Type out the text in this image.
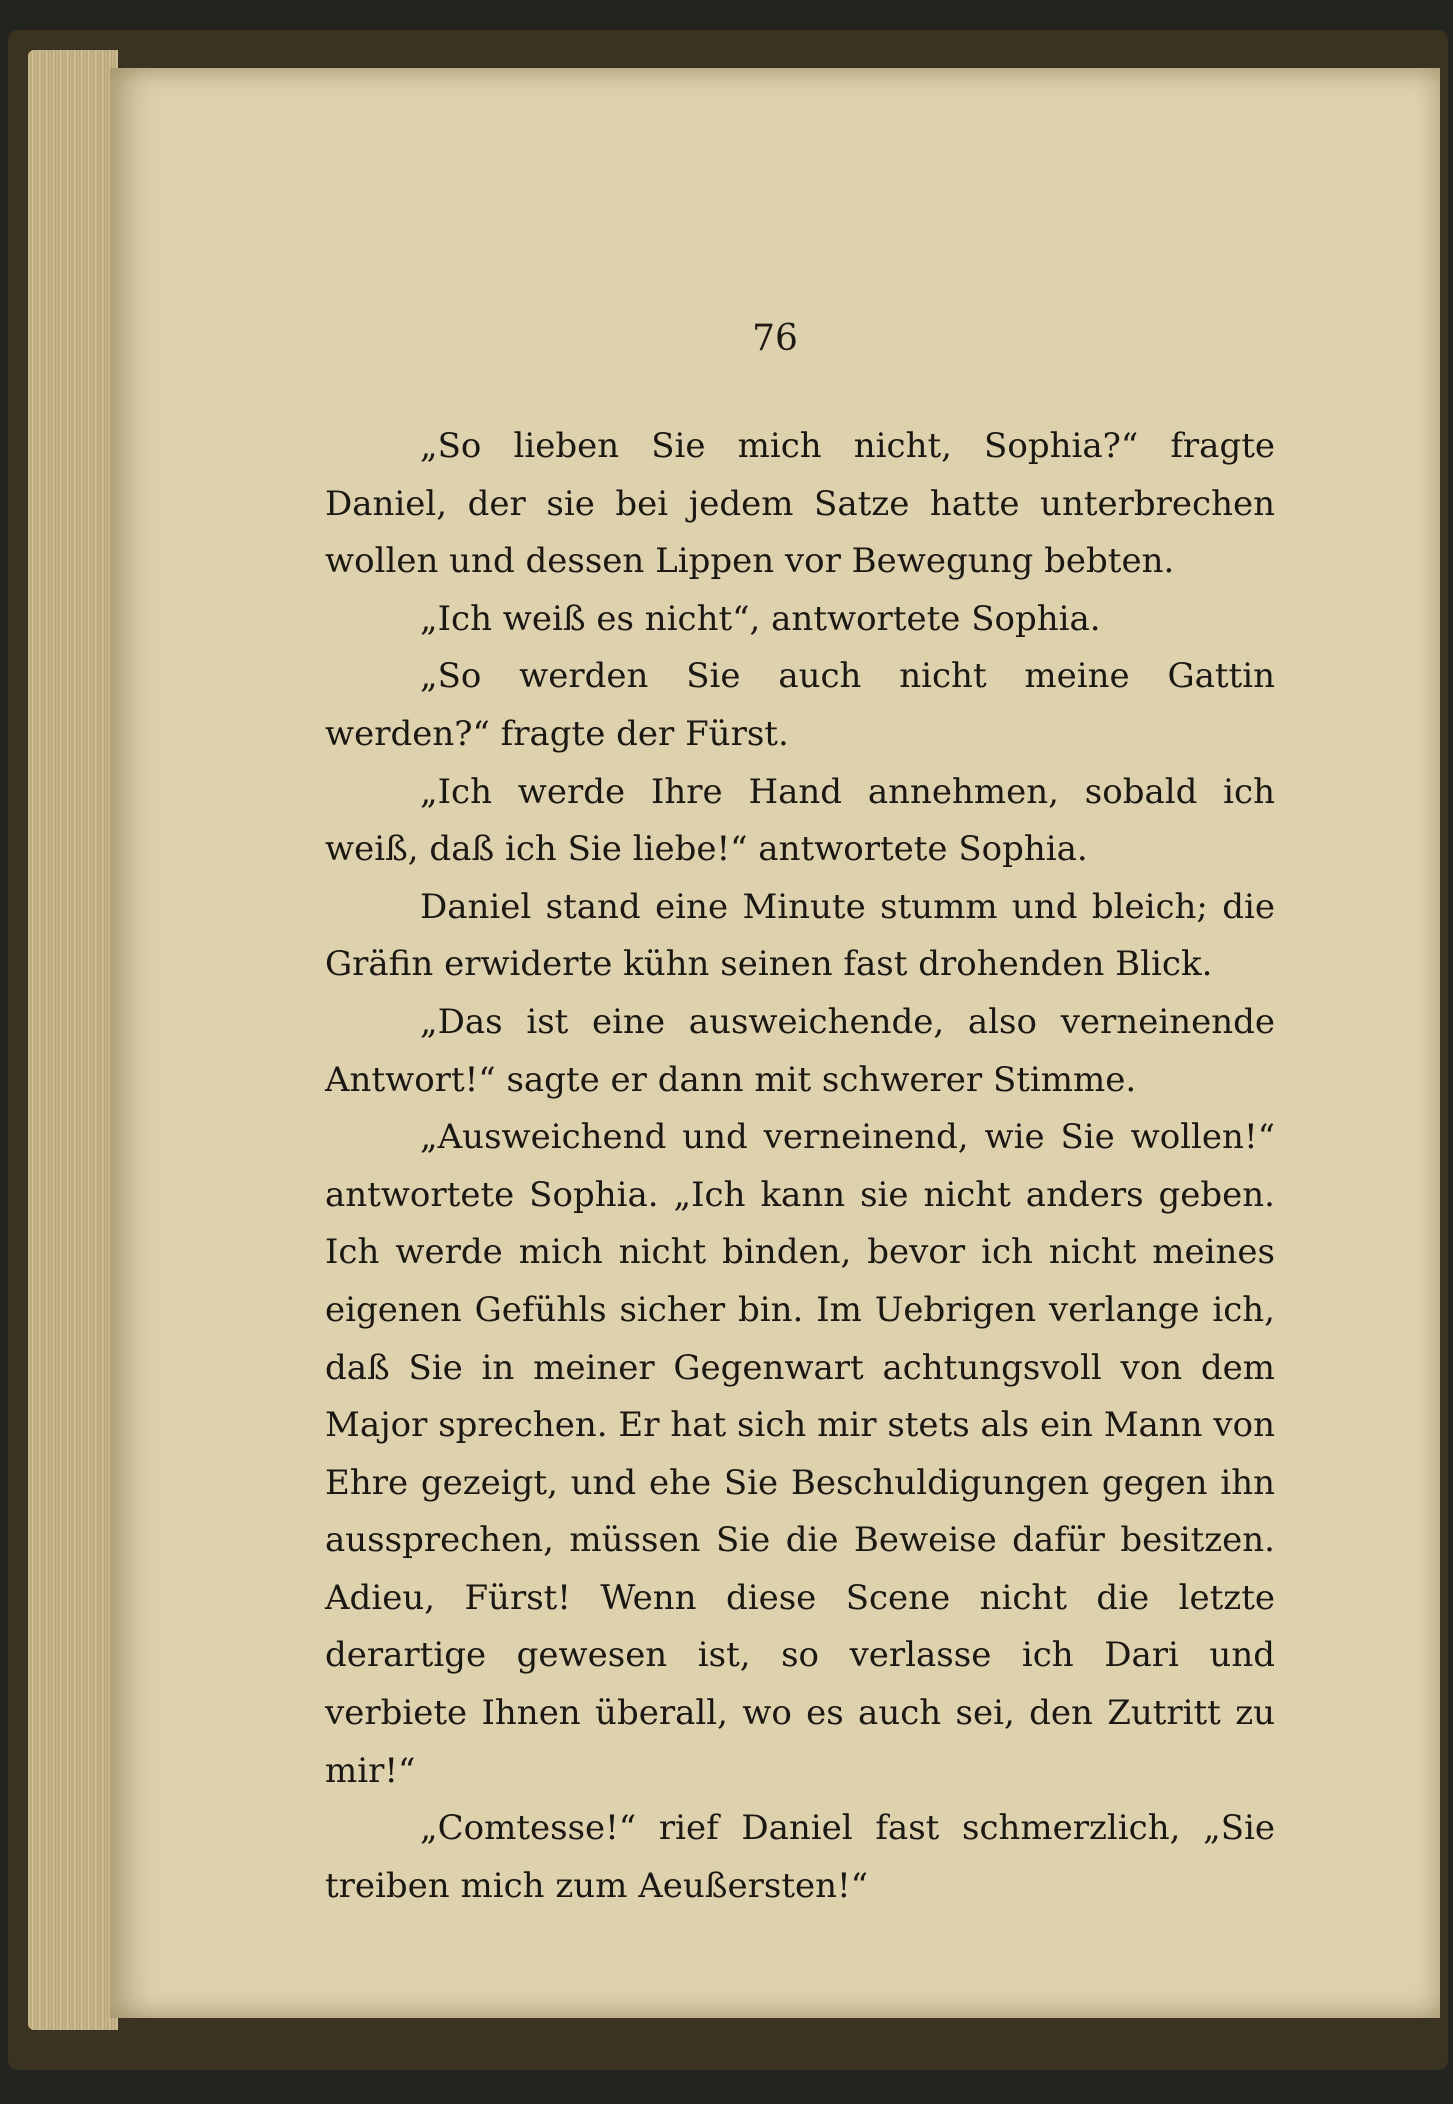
76

„So lieben Sie mich nicht, Sophia?“ fragte Daniel, der sie bei jedem Satze hatte unterbrechen wollen und dessen Lippen vor Bewegung bebten.

„Ich weiß es nicht“, antwortete Sophia.

„So werden Sie auch nicht meine Gattin werden?“ fragte der Fürst.

„Ich werde Ihre Hand annehmen, sobald ich weiß, daß ich Sie liebe!“ antwortete Sophia.

Daniel stand eine Minute stumm und bleich; die Gräfin erwiderte kühn seinen fast drohenden Blick.

„Das ist eine ausweichende, also verneinende Antwort!“ sagte er dann mit schwerer Stimme.

„Ausweichend und verneinend, wie Sie wollen!“ antwortete Sophia. „Ich kann sie nicht anders geben. Ich werde mich nicht binden, bevor ich nicht meines eigenen Gefühls sicher bin. Im Uebrigen verlange ich, daß Sie in meiner Gegenwart achtungsvoll von dem Major sprechen. Er hat sich mir stets als ein Mann von Ehre gezeigt, und ehe Sie Beschuldigungen gegen ihn aussprechen, müssen Sie die Beweise dafür besitzen. Adieu, Fürst! Wenn diese Scene nicht die letzte derartige gewesen ist, so verlasse ich Dari und verbiete Ihnen überall, wo es auch sei, den Zutritt zu mir!“

„Comtesse!“ rief Daniel fast schmerzlich, „Sie treiben mich zum Aeußersten!“
